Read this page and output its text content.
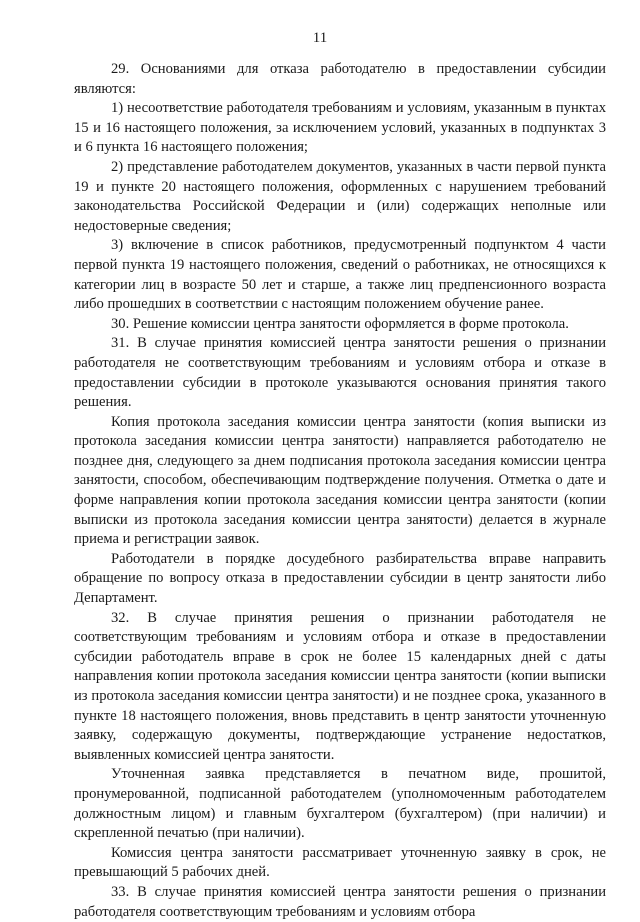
11

29. Основаниями для отказа работодателю в предоставлении субсидии являются:

1) несоответствие работодателя требованиям и условиям, указанным в пунктах 15 и 16 настоящего положения, за исключением условий, указанных в подпунктах 3 и 6 пункта 16 настоящего положения;

2) представление работодателем документов, указанных в части первой пункта 19 и пункте 20 настоящего положения, оформленных с нарушением требований законодательства Российской Федерации и (или) содержащих неполные или недостоверные сведения;

3) включение в список работников, предусмотренный подпунктом 4 части первой пункта 19 настоящего положения, сведений о работниках, не относящихся к категории лиц в возрасте 50 лет и старше, а также лиц предпенсионного возраста либо прошедших в соответствии с настоящим положением обучение ранее.

30. Решение комиссии центра занятости оформляется в форме протокола.

31. В случае принятия комиссией центра занятости решения о признании работодателя не соответствующим требованиям и условиям отбора и отказе в предоставлении субсидии в протоколе указываются основания принятия такого решения.

Копия протокола заседания комиссии центра занятости (копия выписки из протокола заседания комиссии центра занятости) направляется работодателю не позднее дня, следующего за днем подписания протокола заседания комиссии центра занятости, способом, обеспечивающим подтверждение получения. Отметка о дате и форме направления копии протокола заседания комиссии центра занятости (копии выписки из протокола заседания комиссии центра занятости) делается в журнале приема и регистрации заявок.

Работодатели в порядке досудебного разбирательства вправе направить обращение по вопросу отказа в предоставлении субсидии в центр занятости либо Департамент.

32. В случае принятия решения о признании работодателя не соответствующим требованиям и условиям отбора и отказе в предоставлении субсидии работодатель вправе в срок не более 15 календарных дней с даты направления копии протокола заседания комиссии центра занятости (копии выписки из протокола заседания комиссии центра занятости) и не позднее срока, указанного в пункте 18 настоящего положения, вновь представить в центр занятости уточненную заявку, содержащую документы, подтверждающие устранение недостатков, выявленных комиссией центра занятости.

Уточненная заявка представляется в печатном виде, прошитой, пронумерованной, подписанной работодателем (уполномоченным работодателем должностным лицом) и главным бухгалтером (бухгалтером) (при наличии) и скрепленной печатью (при наличии).

Комиссия центра занятости рассматривает уточненную заявку в срок, не превышающий 5 рабочих дней.

33. В случае принятия комиссией центра занятости решения о признании работодателя соответствующим требованиям и условиям отбора
